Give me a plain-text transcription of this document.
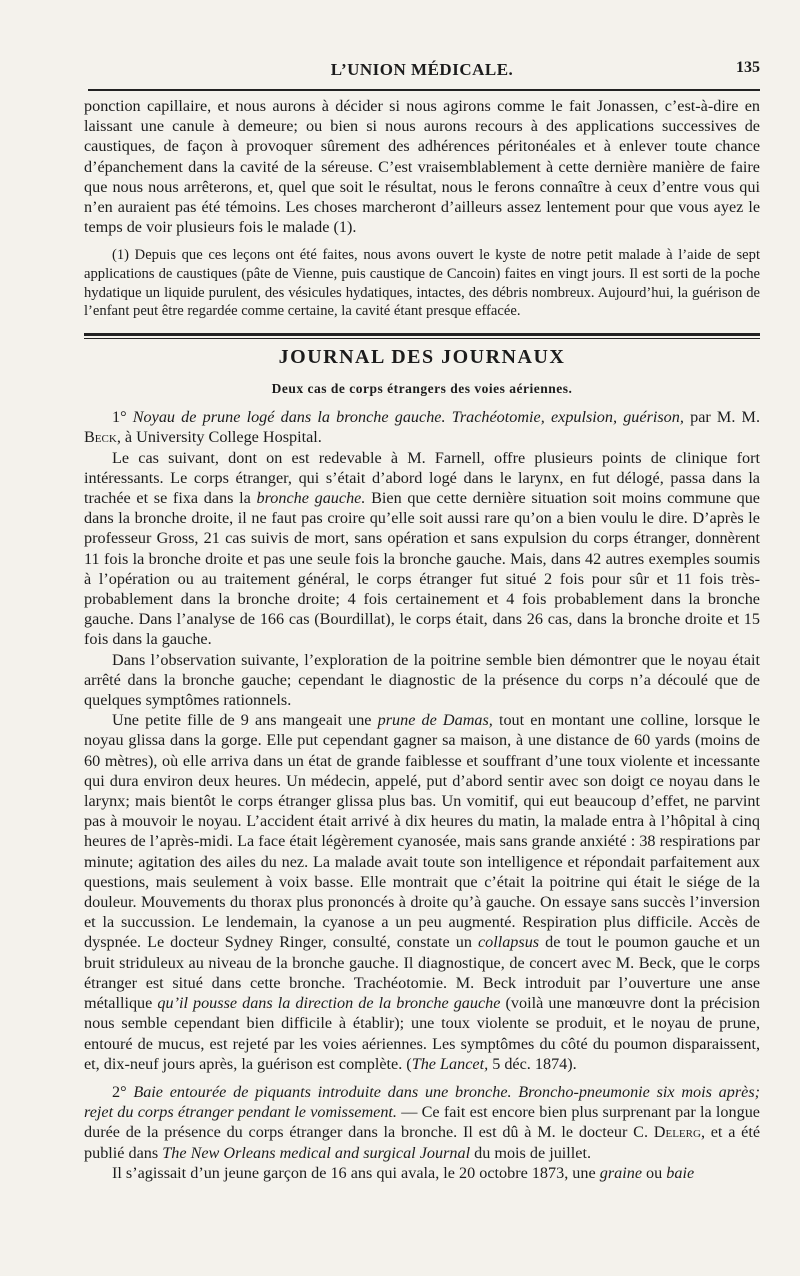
L’UNION MÉDICALE.	135

ponction capillaire, et nous aurons à décider si nous agirons comme le fait Jonassen, c’est-à-dire en laissant une canule à demeure; ou bien si nous aurons recours à des applications successives de caustiques, de façon à provoquer sûrement des adhérences péritonéales et à enlever toute chance d’épanchement dans la cavité de la séreuse. C’est vraisemblablement à cette dernière manière de faire que nous nous arrêterons, et, quel que soit le résultat, nous le ferons connaître à ceux d’entre vous qui n’en auraient pas été témoins. Les choses marcheront d’ailleurs assez lentement pour que vous ayez le temps de voir plusieurs fois le malade (1).

(1) Depuis que ces leçons ont été faites, nous avons ouvert le kyste de notre petit malade à l’aide de sept applications de caustiques (pâte de Vienne, puis caustique de Cancoin) faites en vingt jours. Il est sorti de la poche hydatique un liquide purulent, des vésicules hydatiques, intactes, des débris nombreux. Aujourd’hui, la guérison de l’enfant peut être regardée comme certaine, la cavité étant presque effacée.

JOURNAL DES JOURNAUX
Deux cas de corps étrangers des voies aériennes.

1° Noyau de prune logé dans la bronche gauche. Trachéotomie, expulsion, guérison, par M. M. Beck, à University College Hospital.

Le cas suivant, dont on est redevable à M. Farnell, offre plusieurs points de clinique fort intéressants. Le corps étranger, qui s’était d’abord logé dans le larynx, en fut délogé, passa dans la trachée et se fixa dans la bronche gauche. Bien que cette dernière situation soit moins commune que dans la bronche droite, il ne faut pas croire qu’elle soit aussi rare qu’on a bien voulu le dire. D’après le professeur Gross, 21 cas suivis de mort, sans opération et sans expulsion du corps étranger, donnèrent 11 fois la bronche droite et pas une seule fois la bronche gauche. Mais, dans 42 autres exemples soumis à l’opération ou au traitement général, le corps étranger fut situé 2 fois pour sûr et 11 fois très-probablement dans la bronche droite; 4 fois certainement et 4 fois probablement dans la bronche gauche. Dans l’analyse de 166 cas (Bourdillat), le corps était, dans 26 cas, dans la bronche droite et 15 fois dans la gauche.

Dans l’observation suivante, l’exploration de la poitrine semble bien démontrer que le noyau était arrêté dans la bronche gauche; cependant le diagnostic de la présence du corps n’a découlé que de quelques symptômes rationnels.

Une petite fille de 9 ans mangeait une prune de Damas, tout en montant une colline, lorsque le noyau glissa dans la gorge. Elle put cependant gagner sa maison, à une distance de 60 yards (moins de 60 mètres), où elle arriva dans un état de grande faiblesse et souffrant d’une toux violente et incessante qui dura environ deux heures. Un médecin, appelé, put d’abord sentir avec son doigt ce noyau dans le larynx; mais bientôt le corps étranger glissa plus bas. Un vomitif, qui eut beaucoup d’effet, ne parvint pas à mouvoir le noyau. L’accident était arrivé à dix heures du matin, la malade entra à l’hôpital à cinq heures de l’après-midi. La face était légèrement cyanosée, mais sans grande anxiété : 38 respirations par minute; agitation des ailes du nez. La malade avait toute son intelligence et répondait parfaitement aux questions, mais seulement à voix basse. Elle montrait que c’était la poitrine qui était le siége de la douleur. Mouvements du thorax plus prononcés à droite qu’à gauche. On essaye sans succès l’inversion et la succussion. Le lendemain, la cyanose a un peu augmenté. Respiration plus difficile. Accès de dyspnée. Le docteur Sydney Ringer, consulté, constate un collapsus de tout le poumon gauche et un bruit striduleux au niveau de la bronche gauche. Il diagnostique, de concert avec M. Beck, que le corps étranger est situé dans cette bronche. Trachéotomie. M. Beck introduit par l’ouverture une anse métallique qu’il pousse dans la direction de la bronche gauche (voilà une manœuvre dont la précision nous semble cependant bien difficile à établir); une toux violente se produit, et le noyau de prune, entouré de mucus, est rejeté par les voies aériennes. Les symptômes du côté du poumon disparaissent, et, dix-neuf jours après, la guérison est complète. (The Lancet, 5 déc. 1874).

2° Baie entourée de piquants introduite dans une bronche. Broncho-pneumonie six mois après; rejet du corps étranger pendant le vomissement. — Ce fait est encore bien plus surprenant par la longue durée de la présence du corps étranger dans la bronche. Il est dû à M. le docteur C. Delerg, et a été publié dans The New Orleans medical and surgical Journal du mois de juillet.

Il s’agissait d’un jeune garçon de 16 ans qui avala, le 20 octobre 1873, une graine ou baie
